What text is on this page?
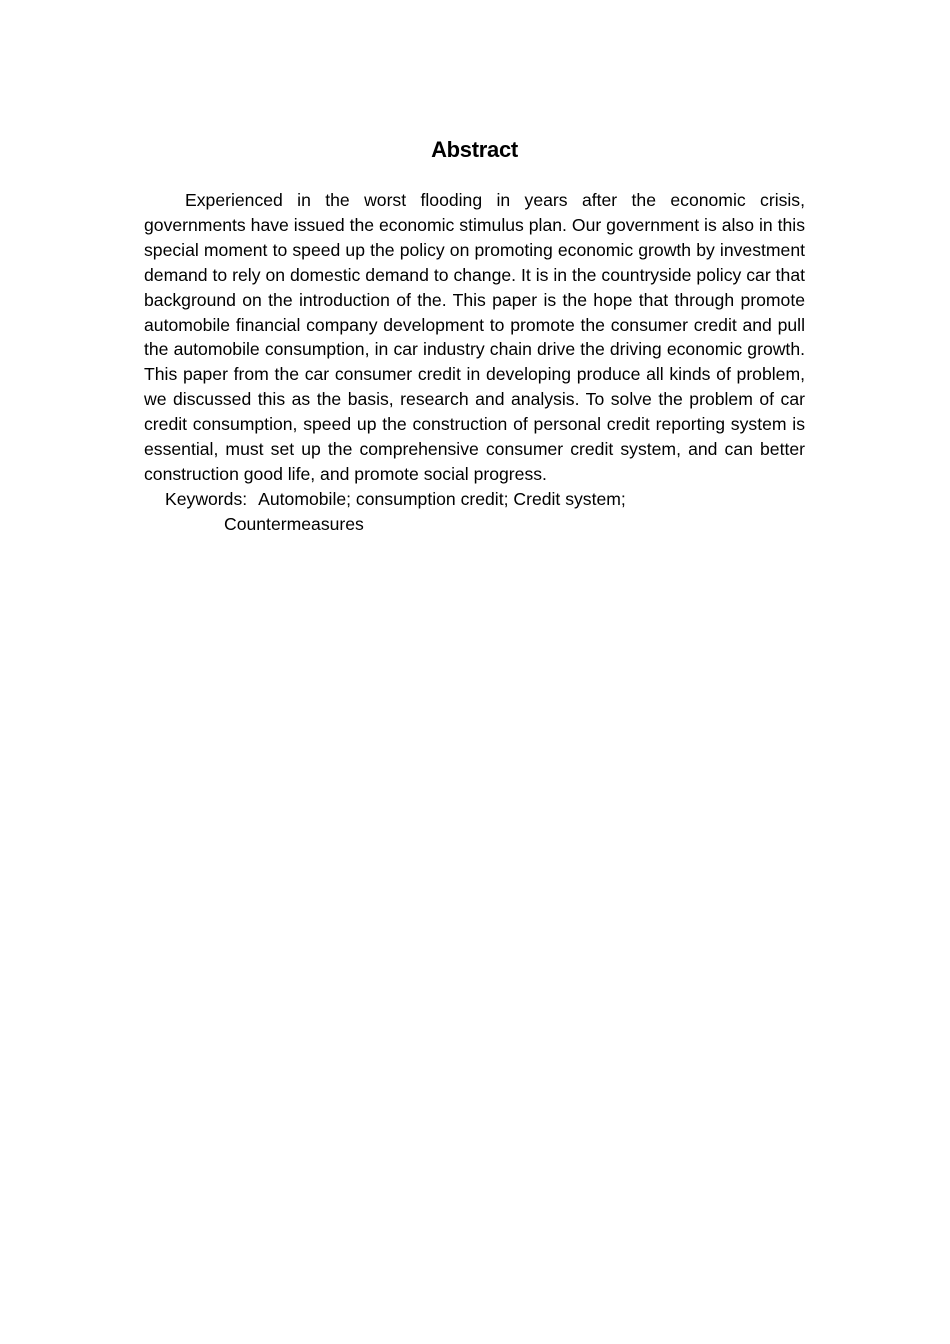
Abstract

Experienced in the worst flooding in years after the economic crisis, governments have issued the economic stimulus plan. Our government is also in this special moment to speed up the policy on promoting economic growth by investment demand to rely on domestic demand to change. It is in the countryside policy car that background on the introduction of the. This paper is the hope that through promote automobile financial company development to promote the consumer credit and pull the automobile consumption, in car industry chain drive the driving economic growth. This paper from the car consumer credit in developing produce all kinds of problem, we discussed this as the basis, research and analysis. To solve the problem of car credit consumption, speed up the construction of personal credit reporting system is essential, must set up the comprehensive consumer credit system, and can better construction good life, and promote social progress.

Keywords: Automobile; consumption credit; Credit system;

Countermeasures
